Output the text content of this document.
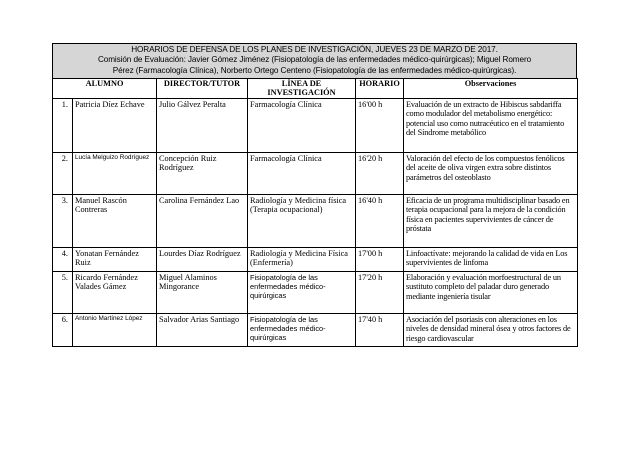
HORARIOS DE DEFENSA DE LOS PLANES DE INVESTIGACIÓN, JUEVES 23 DE MARZO DE 2017.
Comisión de Evaluación: Javier Gómez Jiménez (Fisiopatología de las enfermedades médico-quirúrgicas); Miguel Romero
Pérez (Farmacología Clínica), Norberto Ortego Centeno (Fisiopatología de las enfermedades médico-quirúrgicas).
ALUMNO		DIRECTOR/TUTOR	LÍNEA DE INVESTIGACIÓN	HORARIO	Observaciones
1.	Patricia Díez Echave	Julio Gálvez Peralta	Farmacología Clínica	16'00 h	Evaluación de un extracto de Hibiscus sabdariffa como modulador del metabolismo energético: potencial uso como nutracéutico en el tratamiento del Síndrome metabólico
2.	Lucía Melguizo Rodríguez	Concepción Ruiz Rodríguez	Farmacología Clínica	16'20 h	Valoración del efecto de los compuestos fenólicos del aceite de oliva virgen extra sobre distintos parámetros del osteoblasto
3.	Manuel Rascón Contreras	Carolina Fernández Lao	Radiología y Medicina física (Terapia ocupacional)	16'40 h	Eficacia de un programa multidisciplinar basado en terapia ocupacional para la mejora de la condición física en pacientes supervivientes de cáncer de próstata
4.	Yonatan Fernández Ruiz	Lourdes Díaz Rodríguez	Radiología y Medicina Física (Enfermería)	17'00 h	Linfoactívate: mejorando la calidad de vida en Los supervivientes de linfoma
5.	Ricardo Fernández Valades Gámez	Miguel Alaminos Mingorance	Fisiopatología de las enfermedades médico-quirúrgicas	17'20 h	Elaboración y evaluación morfoestructural de un sustituto completo del paladar duro generado mediante ingeniería tisular
6.	Antonio Martínez López	Salvador Arias Santiago	Fisiopatología de las enfermedades médico-quirúrgicas	17'40 h	Asociación del psoriasis con alteraciones en los niveles de densidad mineral ósea y otros factores de riesgo cardiovascular
